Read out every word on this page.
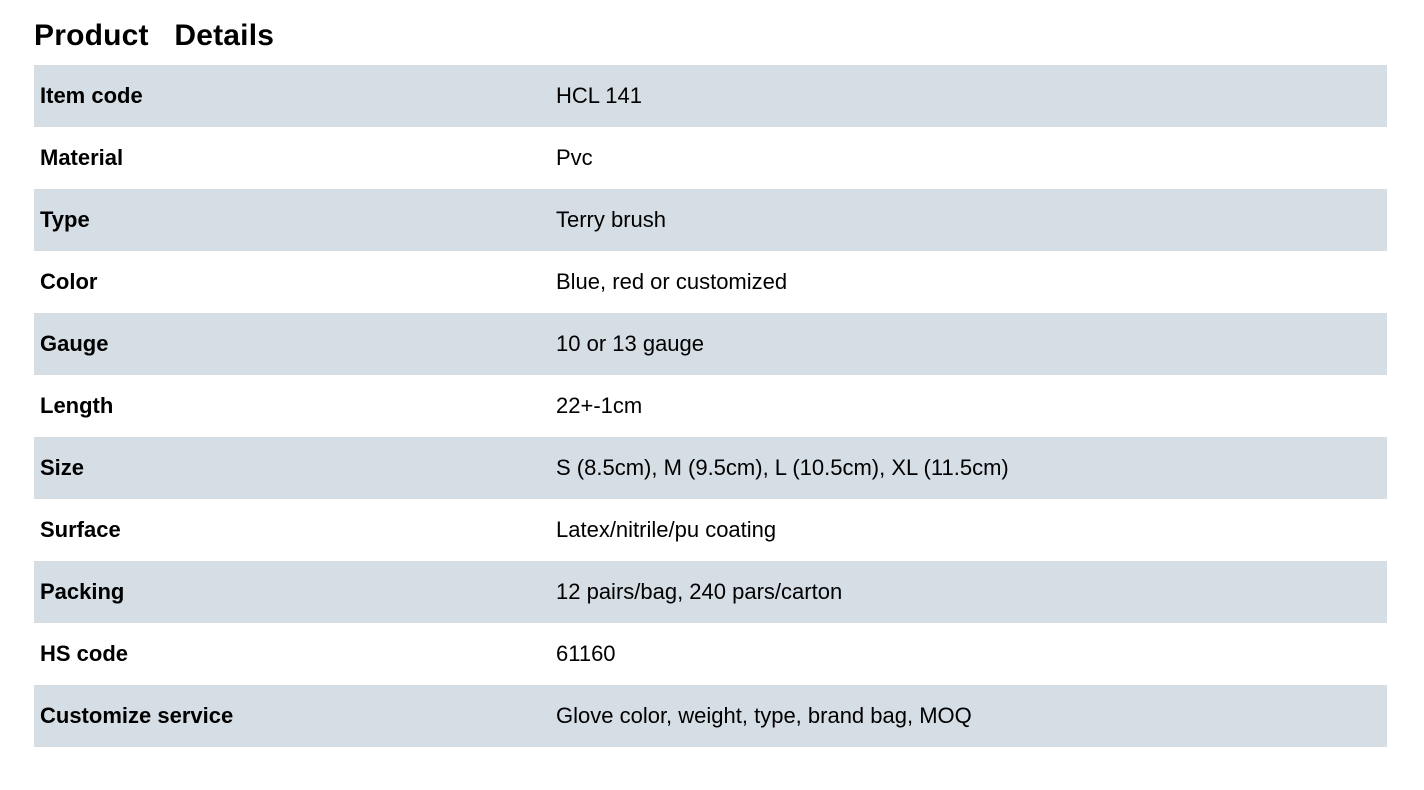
Product   Details
Item code	HCL 141
Material	Pvc
Type	Terry brush
Color	Blue, red or customized
Gauge	10 or 13 gauge
Length	22+-1cm
Size	S (8.5cm), M (9.5cm), L (10.5cm), XL (11.5cm)
Surface	Latex/nitrile/pu coating
Packing	12 pairs/bag, 240 pars/carton
HS code	61160
Customize service	Glove color, weight, type, brand bag, MOQ
